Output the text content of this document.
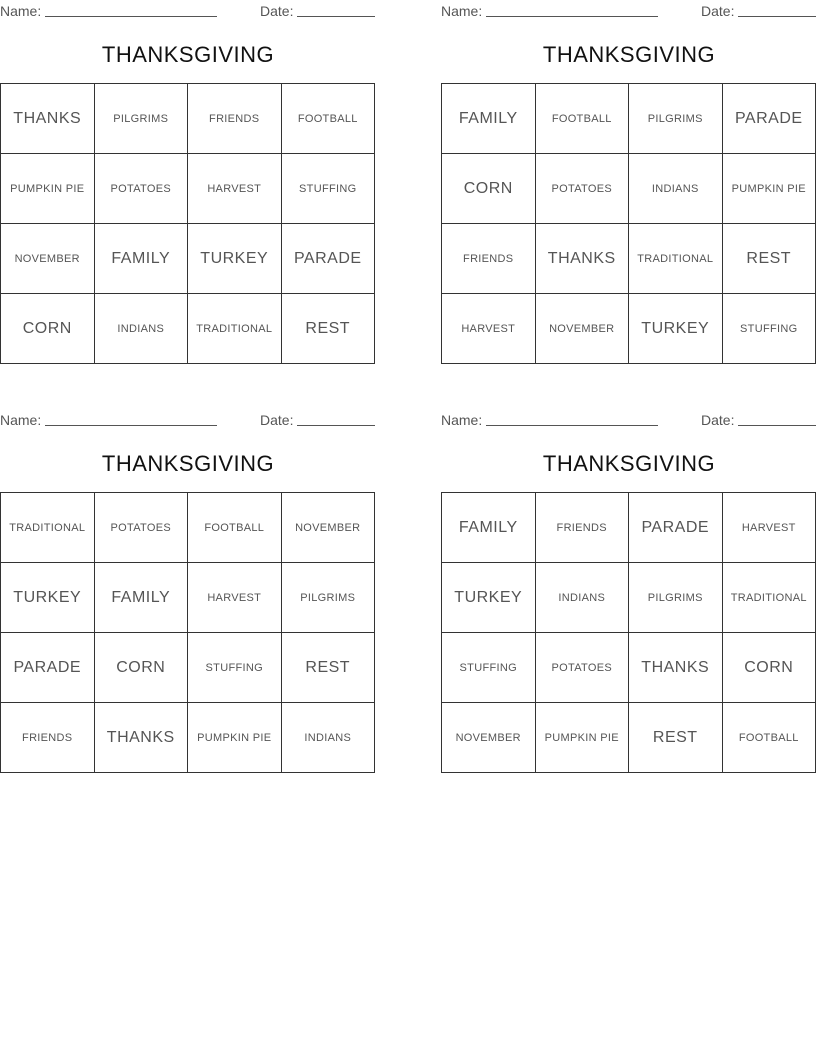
Name:	Date:
THANKSGIVING
THANKS	PILGRIMS	FRIENDS	FOOTBALL
PUMPKIN PIE	POTATOES	HARVEST	STUFFING
NOVEMBER	FAMILY	TURKEY	PARADE
CORN	INDIANS	TRADITIONAL	REST
Name:	Date:
THANKSGIVING
FAMILY	FOOTBALL	PILGRIMS	PARADE
CORN	POTATOES	INDIANS	PUMPKIN PIE
FRIENDS	THANKS	TRADITIONAL	REST
HARVEST	NOVEMBER	TURKEY	STUFFING
Name:	Date:
THANKSGIVING
TRADITIONAL	POTATOES	FOOTBALL	NOVEMBER
TURKEY	FAMILY	HARVEST	PILGRIMS
PARADE	CORN	STUFFING	REST
FRIENDS	THANKS	PUMPKIN PIE	INDIANS
Name:	Date:
THANKSGIVING
FAMILY	FRIENDS	PARADE	HARVEST
TURKEY	INDIANS	PILGRIMS	TRADITIONAL
STUFFING	POTATOES	THANKS	CORN
NOVEMBER	PUMPKIN PIE	REST	FOOTBALL
